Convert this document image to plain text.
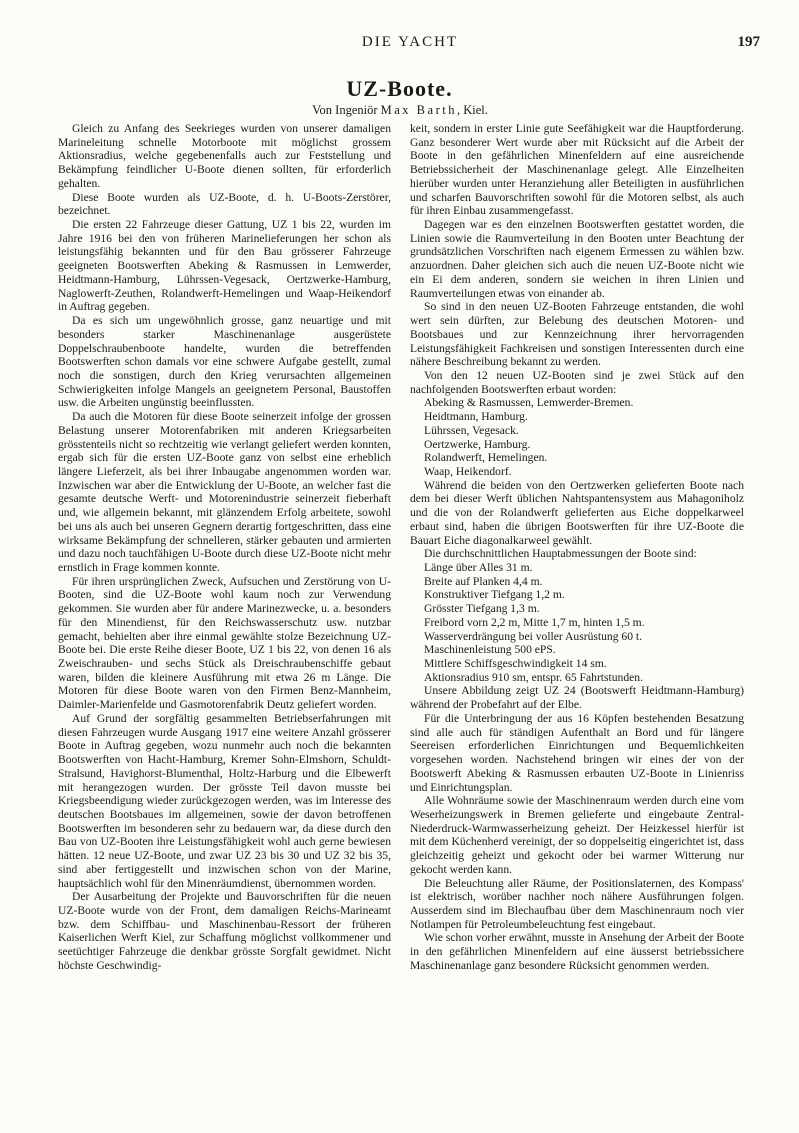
DIE YACHT	197
UZ-Boote.
Von Ingeniör Max Barth, Kiel.

Gleich zu Anfang des Seekrieges wurden von unserer damaligen Marineleitung schnelle Motorboote mit möglichst grossem Aktionsradius, welche gegebenenfalls auch zur Feststellung und Bekämpfung feindlicher U-Boote dienen sollten, für erforderlich gehalten.

Diese Boote wurden als UZ-Boote, d. h. U-Boots-Zerstörer, bezeichnet.

Die ersten 22 Fahrzeuge dieser Gattung, UZ 1 bis 22, wurden im Jahre 1916 bei den von früheren Marinelieferungen her schon als leistungsfähig bekannten und für den Bau grösserer Fahrzeuge geeigneten Bootswerften Abeking & Rasmussen in Lemwerder, Heidtmann-Hamburg, Lührssen-Vegesack, Oertzwerke-Hamburg, Naglowerft-Zeuthen, Rolandwerft-Hemelingen und Waap-Heikendorf in Auftrag gegeben.

Da es sich um ungewöhnlich grosse, ganz neuartige und mit besonders starker Maschinenanlage ausgerüstete Doppelschraubenboote handelte, wurden die betreffenden Bootswerften schon damals vor eine schwere Aufgabe gestellt, zumal noch die sonstigen, durch den Krieg verursachten allgemeinen Schwierigkeiten infolge Mangels an geeignetem Personal, Baustoffen usw. die Arbeiten ungünstig beeinflussten.

Da auch die Motoren für diese Boote seinerzeit infolge der grossen Belastung unserer Motorenfabriken mit anderen Kriegsarbeiten grösstenteils nicht so rechtzeitig wie verlangt geliefert werden konnten, ergab sich für die ersten UZ-Boote ganz von selbst eine erheblich längere Lieferzeit, als bei ihrer Inbaugabe angenommen worden war. Inzwischen war aber die Entwicklung der U-Boote, an welcher fast die gesamte deutsche Werft- und Motorenindustrie seinerzeit fieberhaft und, wie allgemein bekannt, mit glänzendem Erfolg arbeitete, sowohl bei uns als auch bei unseren Gegnern derartig fortgeschritten, dass eine wirksame Bekämpfung der schnelleren, stärker gebauten und armierten und dazu noch tauchfähigen U-Boote durch diese UZ-Boote nicht mehr ernstlich in Frage kommen konnte.

Für ihren ursprünglichen Zweck, Aufsuchen und Zerstörung von U-Booten, sind die UZ-Boote wohl kaum noch zur Verwendung gekommen. Sie wurden aber für andere Marinezwecke, u. a. besonders für den Minendienst, für den Reichswasserschutz usw. nutzbar gemacht, behielten aber ihre einmal gewählte stolze Bezeichnung UZ-Boote bei. Die erste Reihe dieser Boote, UZ 1 bis 22, von denen 16 als Zweischrauben- und sechs Stück als Dreischraubenschiffe gebaut waren, bilden die kleinere Ausführung mit etwa 26 m Länge. Die Motoren für diese Boote waren von den Firmen Benz-Mannheim, Daimler-Marienfelde und Gasmotorenfabrik Deutz geliefert worden.

Auf Grund der sorgfältig gesammelten Betriebserfahrungen mit diesen Fahrzeugen wurde Ausgang 1917 eine weitere Anzahl grösserer Boote in Auftrag gegeben, wozu nunmehr auch noch die bekannten Bootswerften von Hacht-Hamburg, Kremer Sohn-Elmshorn, Schuldt-Stralsund, Havighorst-Blumenthal, Holtz-Harburg und die Elbewerft mit herangezogen wurden. Der grösste Teil davon musste bei Kriegsbeendigung wieder zurückgezogen werden, was im Interesse des deutschen Bootsbaues im allgemeinen, sowie der davon betroffenen Bootswerften im besonderen sehr zu bedauern war, da diese durch den Bau von UZ-Booten ihre Leistungsfähigkeit wohl auch gerne bewiesen hätten. 12 neue UZ-Boote, und zwar UZ 23 bis 30 und UZ 32 bis 35, sind aber fertiggestellt und inzwischen schon von der Marine, hauptsächlich wohl für den Minenräumdienst, übernommen worden.

Der Ausarbeitung der Projekte und Bauvorschriften für die neuen UZ-Boote wurde von der Front, dem damaligen Reichs-Marineamt bzw. dem Schiffbau- und Maschinenbau-Ressort der früheren Kaiserlichen Werft Kiel, zur Schaffung möglichst vollkommener und seetüchtiger Fahrzeuge die denkbar grösste Sorgfalt gewidmet. Nicht höchste Geschwindig-

keit, sondern in erster Linie gute Seefähigkeit war die Hauptforderung. Ganz besonderer Wert wurde aber mit Rücksicht auf die Arbeit der Boote in den gefährlichen Minenfeldern auf eine ausreichende Betriebssicherheit der Maschinenanlage gelegt. Alle Einzelheiten hierüber wurden unter Heranziehung aller Beteiligten in ausführlichen und scharfen Bauvorschriften sowohl für die Motoren selbst, als auch für ihren Einbau zusammengefasst.

Dagegen war es den einzelnen Bootswerften gestattet worden, die Linien sowie die Raumverteilung in den Booten unter Beachtung der grundsätzlichen Vorschriften nach eigenem Ermessen zu wählen bzw. anzuordnen. Daher gleichen sich auch die neuen UZ-Boote nicht wie ein Ei dem anderen, sondern sie weichen in ihren Linien und Raumverteilungen etwas von einander ab.

So sind in den neuen UZ-Booten Fahrzeuge entstanden, die wohl wert sein dürften, zur Belebung des deutschen Motoren- und Bootsbaues und zur Kennzeichnung ihrer hervorragenden Leistungsfähigkeit Fachkreisen und sonstigen Interessenten durch eine nähere Beschreibung bekannt zu werden.

Von den 12 neuen UZ-Booten sind je zwei Stück auf den nachfolgenden Bootswerften erbaut worden:

Abeking & Rasmussen, Lemwerder-Bremen.
Heidtmann, Hamburg.
Lührssen, Vegesack.
Oertzwerke, Hamburg.
Rolandwerft, Hemelingen.
Waap, Heikendorf.

Während die beiden von den Oertzwerken gelieferten Boote nach dem bei dieser Werft üblichen Nahtspantensystem aus Mahagoniholz und die von der Rolandwerft gelieferten aus Eiche doppelkarweel erbaut sind, haben die übrigen Bootswerften für ihre UZ-Boote die Bauart Eiche diagonalkarweel gewählt.

Die durchschnittlichen Hauptabmessungen der Boote sind:

Länge über Alles 31 m.
Breite auf Planken 4,4 m.
Konstruktiver Tiefgang 1,2 m.
Grösster Tiefgang 1,3 m.
Freibord vorn 2,2 m, Mitte 1,7 m, hinten 1,5 m.
Wasserverdrängung bei voller Ausrüstung 60 t.
Maschinenleistung 500 ePS.
Mittlere Schiffsgeschwindigkeit 14 sm.
Aktionsradius 910 sm, entspr. 65 Fahrtstunden.

Unsere Abbildung zeigt UZ 24 (Bootswerft Heidtmann-Hamburg) während der Probefahrt auf der Elbe.

Für die Unterbringung der aus 16 Köpfen bestehenden Besatzung sind alle auch für ständigen Aufenthalt an Bord und für längere Seereisen erforderlichen Einrichtungen und Bequemlichkeiten vorgesehen worden. Nachstehend bringen wir eines der von der Bootswerft Abeking & Rasmussen erbauten UZ-Boote in Linienriss und Einrichtungsplan.

Alle Wohnräume sowie der Maschinenraum werden durch eine vom Weserheizungswerk in Bremen gelieferte und eingebaute Zentral-Niederdruck-Warmwasserheizung geheizt. Der Heizkessel hierfür ist mit dem Küchenherd vereinigt, der so doppelseitig eingerichtet ist, dass gleichzeitig geheizt und gekocht oder bei warmer Witterung nur gekocht werden kann.

Die Beleuchtung aller Räume, der Positionslaternen, des Kompass' ist elektrisch, worüber nachher noch nähere Ausführungen folgen. Ausserdem sind im Blechaufbau über dem Maschinenraum noch vier Notlampen für Petroleumbeleuchtung fest eingebaut.

Wie schon vorher erwähnt, musste in Ansehung der Arbeit der Boote in den gefährlichen Minenfeldern auf eine äusserst betriebssichere Maschinenanlage ganz besondere Rücksicht genommen werden.
